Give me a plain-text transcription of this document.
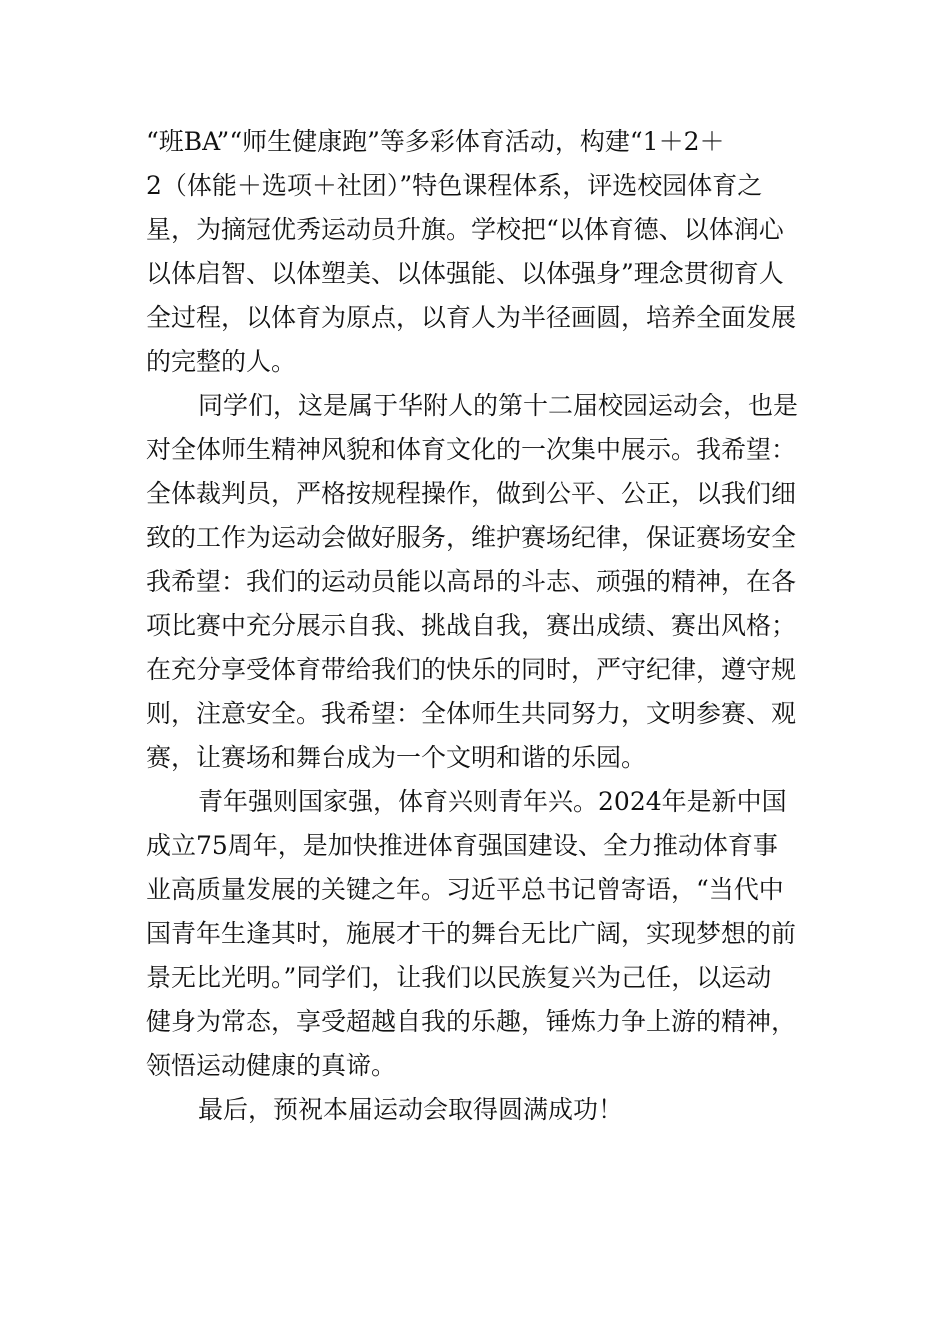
“班BA”“师生健康跑”等多彩体育活动，构建“1＋2＋
2（体能＋选项＋社团）”特色课程体系，评选校园体育之
星，为摘冠优秀运动员升旗。学校把“以体育德、以体润心
以体启智、以体塑美、以体强能、以体强身”理念贯彻育人
全过程，以体育为原点，以育人为半径画圆，培养全面发展
的完整的人。
同学们，这是属于华附人的第十二届校园运动会，也是
对全体师生精神风貌和体育文化的一次集中展示。我希望：
全体裁判员，严格按规程操作，做到公平、公正，以我们细
致的工作为运动会做好服务，维护赛场纪律，保证赛场安全
我希望：我们的运动员能以高昂的斗志、顽强的精神，在各
项比赛中充分展示自我、挑战自我，赛出成绩、赛出风格；
在充分享受体育带给我们的快乐的同时，严守纪律，遵守规
则，注意安全。我希望：全体师生共同努力，文明参赛、观
赛，让赛场和舞台成为一个文明和谐的乐园。
青年强则国家强，体育兴则青年兴。2024年是新中国
成立75周年，是加快推进体育强国建设、全力推动体育事
业高质量发展的关键之年。习近平总书记曾寄语，“当代中
国青年生逢其时，施展才干的舞台无比广阔，实现梦想的前
景无比光明。”同学们，让我们以民族复兴为己任，以运动
健身为常态，享受超越自我的乐趣，锤炼力争上游的精神，
领悟运动健康的真谛。
最后，预祝本届运动会取得圆满成功！
